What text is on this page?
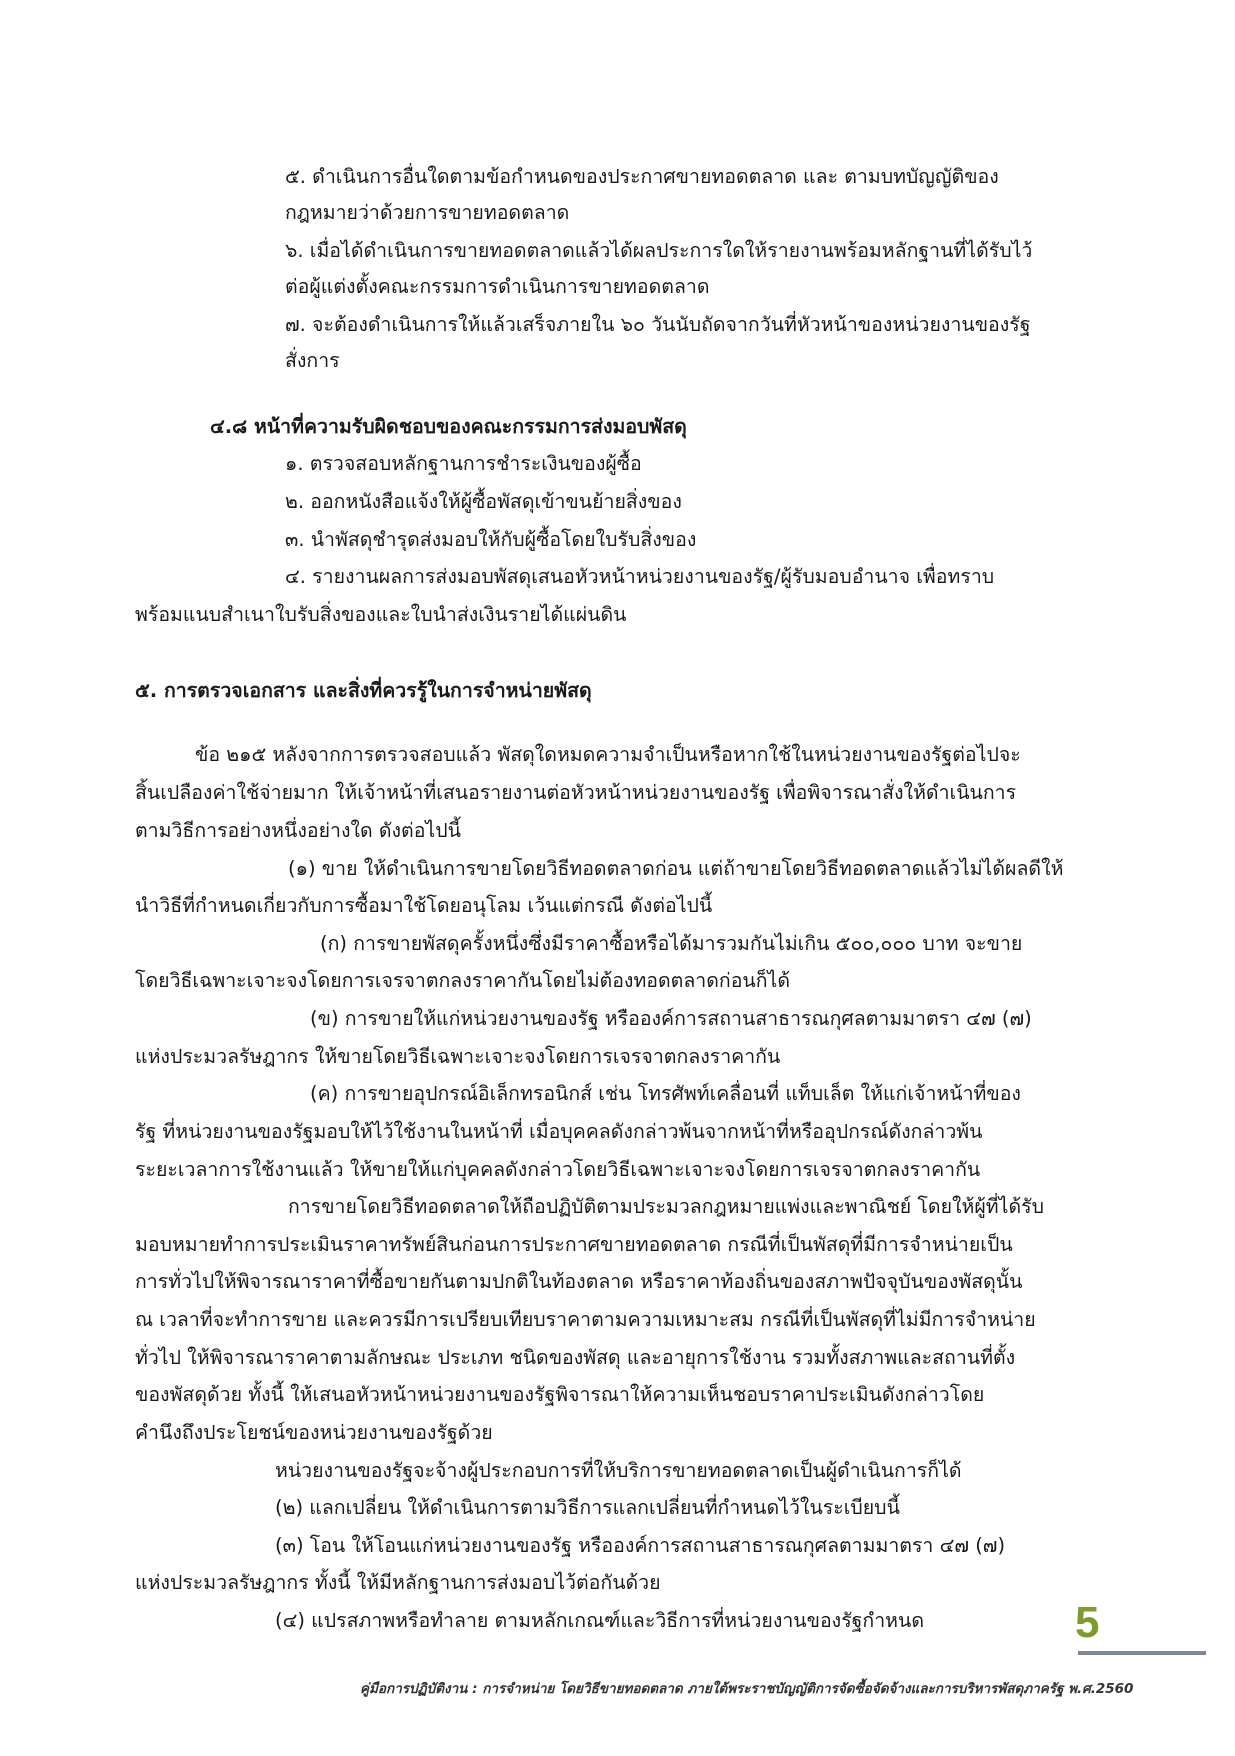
๕. ดำเนินการอื่นใดตามข้อกำหนดของประกาศขายทอดตลาด และ ตามบทบัญญัติของ
กฎหมายว่าด้วยการขายทอดตลาด
๖. เมื่อได้ดำเนินการขายทอดตลาดแล้วได้ผลประการใดให้รายงานพร้อมหลักฐานที่ได้รับไว้
ต่อผู้แต่งตั้งคณะกรรมการดำเนินการขายทอดตลาด
๗. จะต้องดำเนินการให้แล้วเสร็จภายใน ๖๐ วันนับถัดจากวันที่หัวหน้าของหน่วยงานของรัฐ
สั่งการ
๔.๘ หน้าที่ความรับผิดชอบของคณะกรรมการส่งมอบพัสดุ
๑. ตรวจสอบหลักฐานการชำระเงินของผู้ซื้อ
๒. ออกหนังสือแจ้งให้ผู้ซื้อพัสดุเข้าขนย้ายสิ่งของ
๓. นำพัสดุชำรุดส่งมอบให้กับผู้ซื้อโดยใบรับสิ่งของ
๔. รายงานผลการส่งมอบพัสดุเสนอหัวหน้าหน่วยงานของรัฐ/ผู้รับมอบอำนาจ เพื่อทราบ
พร้อมแนบสำเนาใบรับสิ่งของและใบนำส่งเงินรายได้แผ่นดิน
๕. การตรวจเอกสาร และสิ่งที่ควรรู้ในการจำหน่ายพัสดุ
ข้อ ๒๑๕ หลังจากการตรวจสอบแล้ว พัสดุใดหมดความจำเป็นหรือหากใช้ในหน่วยงานของรัฐต่อไปจะ
สิ้นเปลืองค่าใช้จ่ายมาก ให้เจ้าหน้าที่เสนอรายงานต่อหัวหน้าหน่วยงานของรัฐ เพื่อพิจารณาสั่งให้ดำเนินการ
ตามวิธีการอย่างหนึ่งอย่างใด ดังต่อไปนี้
(๑) ขาย ให้ดำเนินการขายโดยวิธีทอดตลาดก่อน แต่ถ้าขายโดยวิธีทอดตลาดแล้วไม่ได้ผลดีให้
นำวิธีที่กำหนดเกี่ยวกับการซื้อมาใช้โดยอนุโลม เว้นแต่กรณี ดังต่อไปนี้
(ก) การขายพัสดุครั้งหนึ่งซึ่งมีราคาซื้อหรือได้มารวมกันไม่เกิน ๕๐๐,๐๐๐ บาท จะขาย
โดยวิธีเฉพาะเจาะจงโดยการเจรจาตกลงราคากันโดยไม่ต้องทอดตลาดก่อนก็ได้
(ข) การขายให้แก่หน่วยงานของรัฐ หรือองค์การสถานสาธารณกุศลตามมาตรา ๔๗ (๗)
แห่งประมวลรัษฎากร ให้ขายโดยวิธีเฉพาะเจาะจงโดยการเจรจาตกลงราคากัน
(ค) การขายอุปกรณ์อิเล็กทรอนิกส์ เช่น โทรศัพท์เคลื่อนที่ แท็บเล็ต ให้แก่เจ้าหน้าที่ของ
รัฐ ที่หน่วยงานของรัฐมอบให้ไว้ใช้งานในหน้าที่ เมื่อบุคคลดังกล่าวพ้นจากหน้าที่หรืออุปกรณ์ดังกล่าวพ้น
ระยะเวลาการใช้งานแล้ว ให้ขายให้แก่บุคคลดังกล่าวโดยวิธีเฉพาะเจาะจงโดยการเจรจาตกลงราคากัน
การขายโดยวิธีทอดตลาดให้ถือปฏิบัติตามประมวลกฎหมายแพ่งและพาณิชย์ โดยให้ผู้ที่ได้รับ
มอบหมายทำการประเมินราคาทรัพย์สินก่อนการประกาศขายทอดตลาด กรณีที่เป็นพัสดุที่มีการจำหน่ายเป็น
การทั่วไปให้พิจารณาราคาที่ซื้อขายกันตามปกติในท้องตลาด หรือราคาท้องถิ่นของสภาพปัจจุบันของพัสดุนั้น
ณ เวลาที่จะทำการขาย และควรมีการเปรียบเทียบราคาตามความเหมาะสม กรณีที่เป็นพัสดุที่ไม่มีการจำหน่าย
ทั่วไป ให้พิจารณาราคาตามลักษณะ ประเภท ชนิดของพัสดุ และอายุการใช้งาน รวมทั้งสภาพและสถานที่ตั้ง
ของพัสดุด้วย ทั้งนี้ ให้เสนอหัวหน้าหน่วยงานของรัฐพิจารณาให้ความเห็นชอบราคาประเมินดังกล่าวโดย
คำนึงถึงประโยชน์ของหน่วยงานของรัฐด้วย
หน่วยงานของรัฐจะจ้างผู้ประกอบการที่ให้บริการขายทอดตลาดเป็นผู้ดำเนินการก็ได้
(๒) แลกเปลี่ยน ให้ดำเนินการตามวิธีการแลกเปลี่ยนที่กำหนดไว้ในระเบียบนี้
(๓) โอน ให้โอนแก่หน่วยงานของรัฐ หรือองค์การสถานสาธารณกุศลตามมาตรา ๔๗ (๗)
แห่งประมวลรัษฎากร ทั้งนี้ ให้มีหลักฐานการส่งมอบไว้ต่อกันด้วย
(๔) แปรสภาพหรือทำลาย ตามหลักเกณฑ์และวิธีการที่หน่วยงานของรัฐกำหนด	5
คู่มือการปฏิบัติงาน : การจำหน่าย โดยวิธีขายทอดตลาด ภายใต้พระราชบัญญัติการจัดซื้อจัดจ้างและการบริหารพัสดุภาครัฐ พ.ศ.2560
